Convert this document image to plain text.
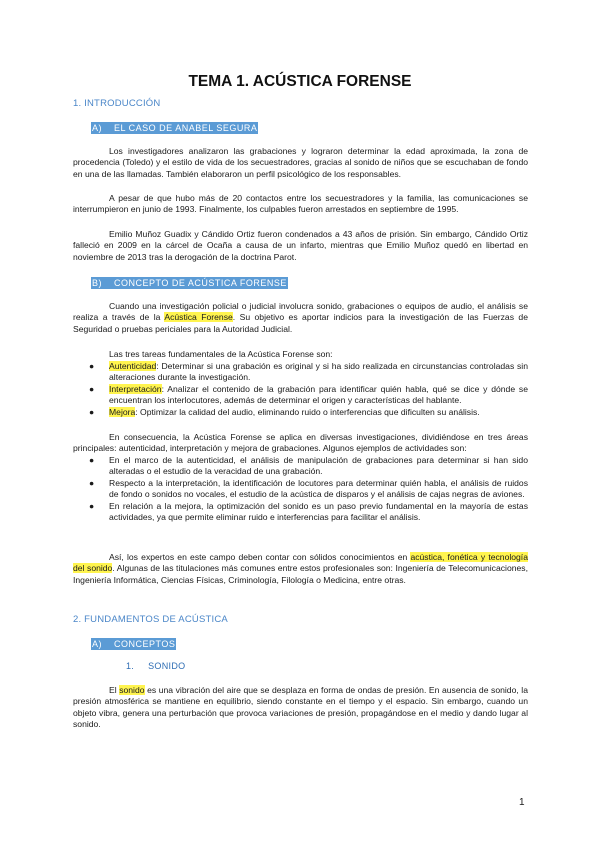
TEMA 1. ACÚSTICA FORENSE
1. INTRODUCCIÓN
A) EL CASO DE ANABEL SEGURA

Los investigadores analizaron las grabaciones y lograron determinar la edad aproximada, la zona de procedencia (Toledo) y el estilo de vida de los secuestradores, gracias al sonido de niños que se escuchaban de fondo en una de las llamadas. También elaboraron un perfil psicológico de los responsables.

A pesar de que hubo más de 20 contactos entre los secuestradores y la familia, las comunicaciones se interrumpieron en junio de 1993. Finalmente, los culpables fueron arrestados en septiembre de 1995.

Emilio Muñoz Guadix y Cándido Ortiz fueron condenados a 43 años de prisión. Sin embargo, Cándido Ortiz falleció en 2009 en la cárcel de Ocaña a causa de un infarto, mientras que Emilio Muñoz quedó en libertad en noviembre de 2013 tras la derogación de la doctrina Parot.

B) CONCEPTO DE ACÚSTICA FORENSE

Cuando una investigación policial o judicial involucra sonido, grabaciones o equipos de audio, el análisis se realiza a través de la Acústica Forense. Su objetivo es aportar indicios para la investigación de las Fuerzas de Seguridad o pruebas periciales para la Autoridad Judicial.

Las tres tareas fundamentales de la Acústica Forense son:

● Autenticidad: Determinar si una grabación es original y si ha sido realizada en circunstancias controladas sin alteraciones durante la investigación.
● Interpretación: Analizar el contenido de la grabación para identificar quién habla, qué se dice y dónde se encuentran los interlocutores, además de determinar el origen y características del hablante.
● Mejora: Optimizar la calidad del audio, eliminando ruido o interferencias que dificulten su análisis.

En consecuencia, la Acústica Forense se aplica en diversas investigaciones, dividiéndose en tres áreas principales: autenticidad, interpretación y mejora de grabaciones. Algunos ejemplos de actividades son:

● En el marco de la autenticidad, el análisis de manipulación de grabaciones para determinar si han sido alteradas o el estudio de la veracidad de una grabación.
● Respecto a la interpretación, la identificación de locutores para determinar quién habla, el análisis de ruidos de fondo o sonidos no vocales, el estudio de la acústica de disparos y el análisis de cajas negras de aviones.
● En relación a la mejora, la optimización del sonido es un paso previo fundamental en la mayoría de estas actividades, ya que permite eliminar ruido e interferencias para facilitar el análisis.

Así, los expertos en este campo deben contar con sólidos conocimientos en acústica, fonética y tecnología del sonido. Algunas de las titulaciones más comunes entre estos profesionales son: Ingeniería de Telecomunicaciones, Ingeniería Informática, Ciencias Físicas, Criminología, Filología o Medicina, entre otras.

2. FUNDAMENTOS DE ACÚSTICA
A) CONCEPTOS
1. SONIDO

El sonido es una vibración del aire que se desplaza en forma de ondas de presión. En ausencia de sonido, la presión atmosférica se mantiene en equilibrio, siendo constante en el tiempo y el espacio. Sin embargo, cuando un objeto vibra, genera una perturbación que provoca variaciones de presión, propagándose en el medio y dando lugar al sonido.

1
